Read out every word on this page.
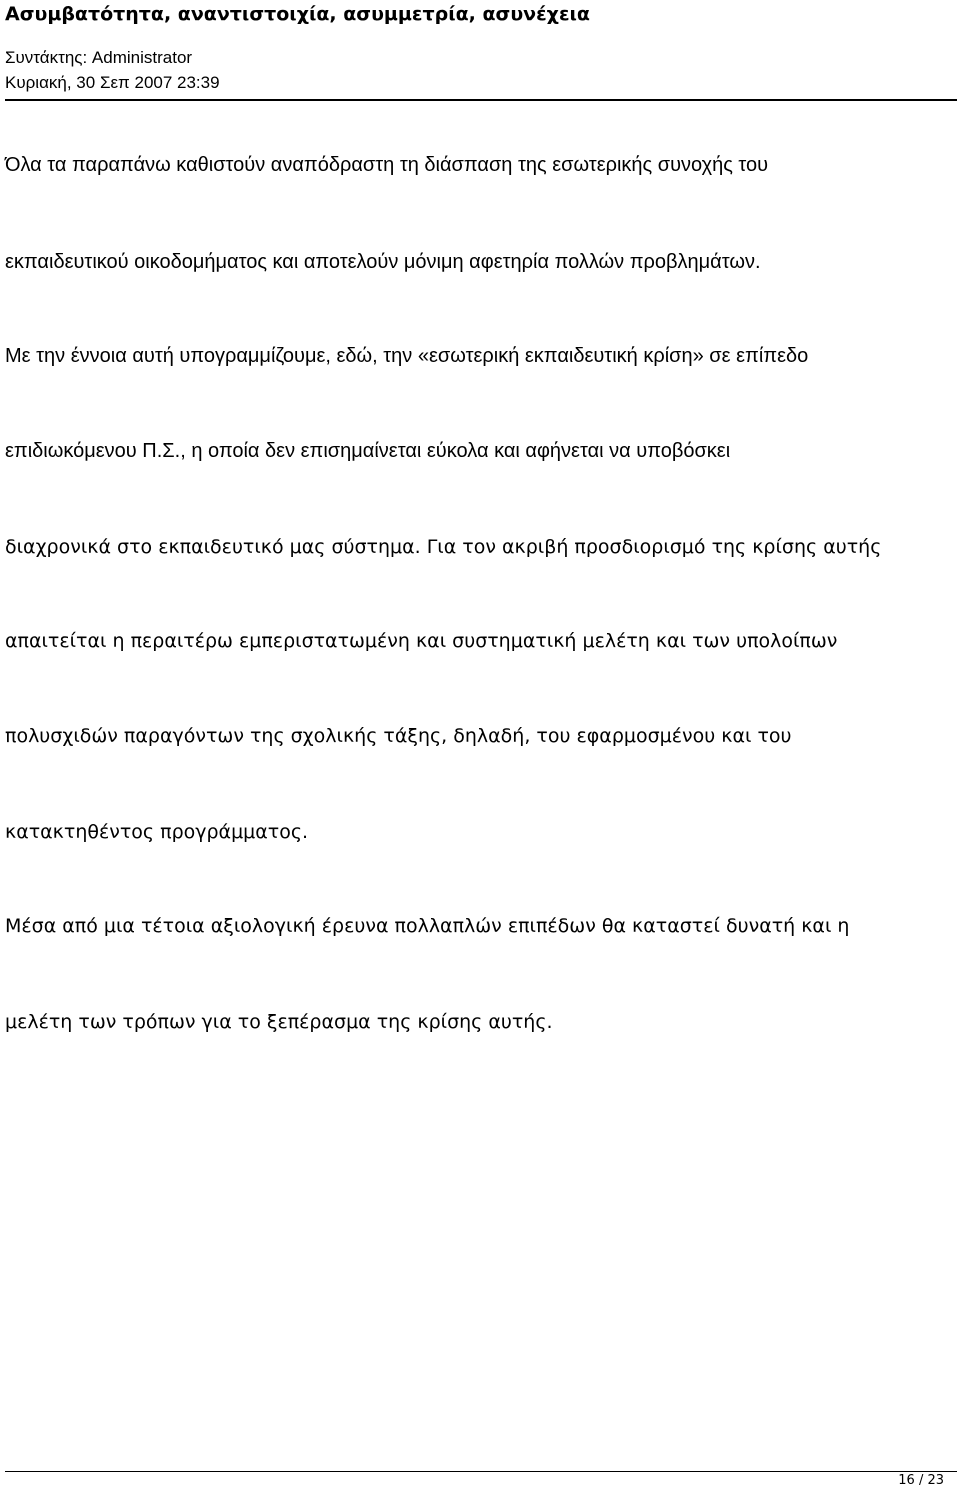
Ασυμβατότητα, αναντιστοιχία, ασυμμετρία, ασυνέχεια
Συντάκτης: Administrator
Κυριακή, 30 Σεπ 2007 23:39
Όλα τα παραπάνω καθιστούν αναπόδραστη τη διάσπαση της εσωτερικής συνοχής του
εκπαιδευτικού οικοδομήματος και αποτελούν μόνιμη αφετηρία πολλών προβλημάτων.
Με την έννοια αυτή υπογραμμίζουμε, εδώ, την «εσωτερική εκπαιδευτική κρίση» σε επίπεδο
επιδιωκόμενου Π.Σ., η οποία δεν επισημαίνεται εύκολα και αφήνεται να υποβόσκει
διαχρονικά στο εκπαιδευτικό μας σύστημα. Για τον ακριβή προσδιορισμό της κρίσης αυτής
απαιτείται η περαιτέρω εμπεριστατωμένη και συστηματική μελέτη και των υπολοίπων
πολυσχιδών παραγόντων της σχολικής τάξης, δηλαδή, του εφαρμοσμένου και του
κατακτηθέντος προγράμματος.
Μέσα από μια τέτοια αξιολογική έρευνα πολλαπλών επιπέδων θα καταστεί δυνατή και η
μελέτη των τρόπων για το ξεπέρασμα της κρίσης αυτής.
16 / 23
